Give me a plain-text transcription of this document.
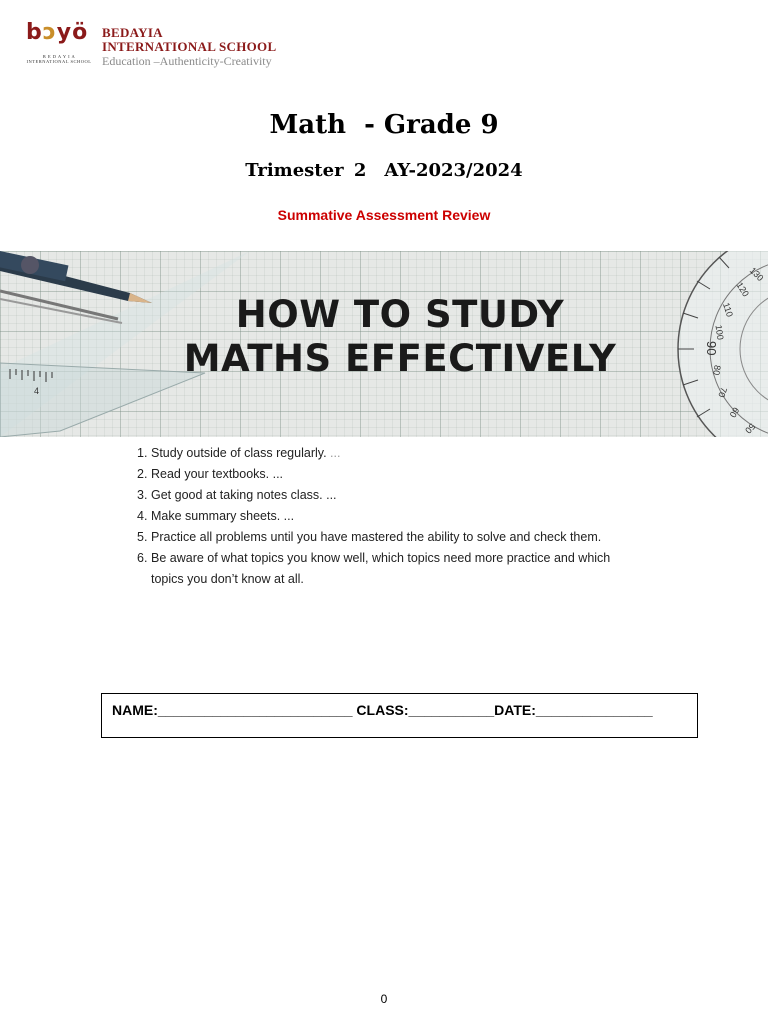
bɔyö
B E D A Y I A
INTERNATIONAL SCHOOL
BEDAYIA
INTERNATIONAL SCHOOL
Education –Authenticity-Creativity
Math  - Grade 9
Trimester 2 AY-2023/2024
Summative Assessment Review
4
90
120
130
110
100
80
70
60
50
HOW TO STUDY
MATHS EFFECTIVELY
1. Study outside of class regularly. ...
2. Read your textbooks. ...
3. Get good at taking notes class. ...
4. Make summary sheets. ...
5. Practice all problems until you have mastered the ability to solve and check them.
6. Be aware of what topics you know well, which topics need more practice and which topics you don’t know at all.
NAME:_________________________ CLASS:___________DATE:_______________
0
